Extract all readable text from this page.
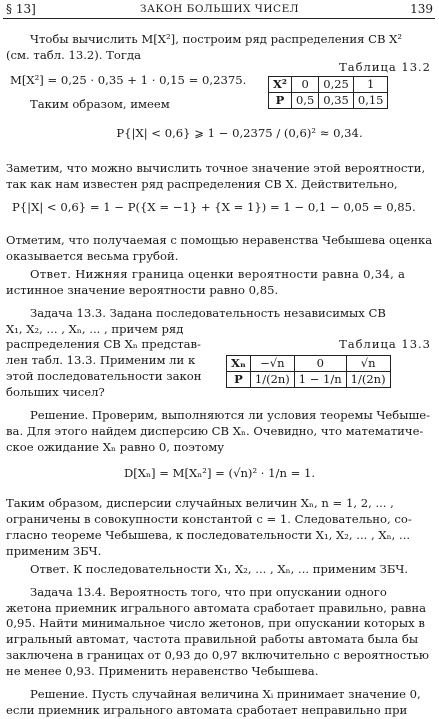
§ 13]	ЗАКОН БОЛЬШИХ ЧИСЕЛ	139
Чтобы вычислить M[X²], построим ряд распределения СВ X²
(см. табл. 13.2). Тогда
M[X²] = 0,25 · 0,35 + 1 · 0,15 = 0,2375.
Таким образом, имеем
P{|X| < 0,6} ⩾ 1 − 0,2375 / (0,6)² ≈ 0,34.
Заметим, что можно вычислить точное значение этой вероятности,
так как нам известен ряд распределения СВ X. Действительно,
P{|X| < 0,6} = 1 − P({X = −1} + {X = 1}) = 1 − 0,1 − 0,05 = 0,85.
Отметим, что получаемая с помощью неравенства Чебышева оценка
оказывается весьма грубой.
Ответ. Нижняя граница оценки вероятности равна 0,34, а
истинное значение вероятности равно 0,85.
Задача 13.3. Задана последовательность независимых СВ
X₁, X₂, ... , Xₙ, ... , причем ряд
распределения СВ Xₙ представ-
лен табл. 13.3. Применим ли к
этой последовательности закон
больших чисел?
Решение. Проверим, выполняются ли условия теоремы Чебыше-
ва. Для этого найдем дисперсию СВ Xₙ. Очевидно, что математиче-
ское ожидание Xₙ равно 0, поэтому
D[Xₙ] = M[Xₙ²] = (√n)² · 1/n = 1.
Таким образом, дисперсии случайных величин Xₙ, n = 1, 2, ... ,
ограничены в совокупности константой c = 1. Следовательно, со-
гласно теореме Чебышева, к последовательности X₁, X₂, ... , Xₙ, ...
применим ЗБЧ.
Ответ. К последовательности X₁, X₂, ... , Xₙ, ... применим ЗБЧ.
Задача 13.4. Вероятность того, что при опускании одного
жетона приемник игрального автомата сработает правильно, равна
0,95. Найти минимальное число жетонов, при опускании которых в
игральный автомат, частота правильной работы автомата была бы
заключена в границах от 0,93 до 0,97 включительно с вероятностью
не менее 0,93. Применить неравенство Чебышева.
Решение. Пусть случайная величина Xᵢ принимает значение 0,
если приемник игрального автомата сработает неправильно при
Таблица 13.2
X²	0	0,25	1
P	0,5	0,35	0,15
Таблица 13.3
Xₙ	−√n	0	√n
P	1/(2n)	1 − 1/n	1/(2n)
